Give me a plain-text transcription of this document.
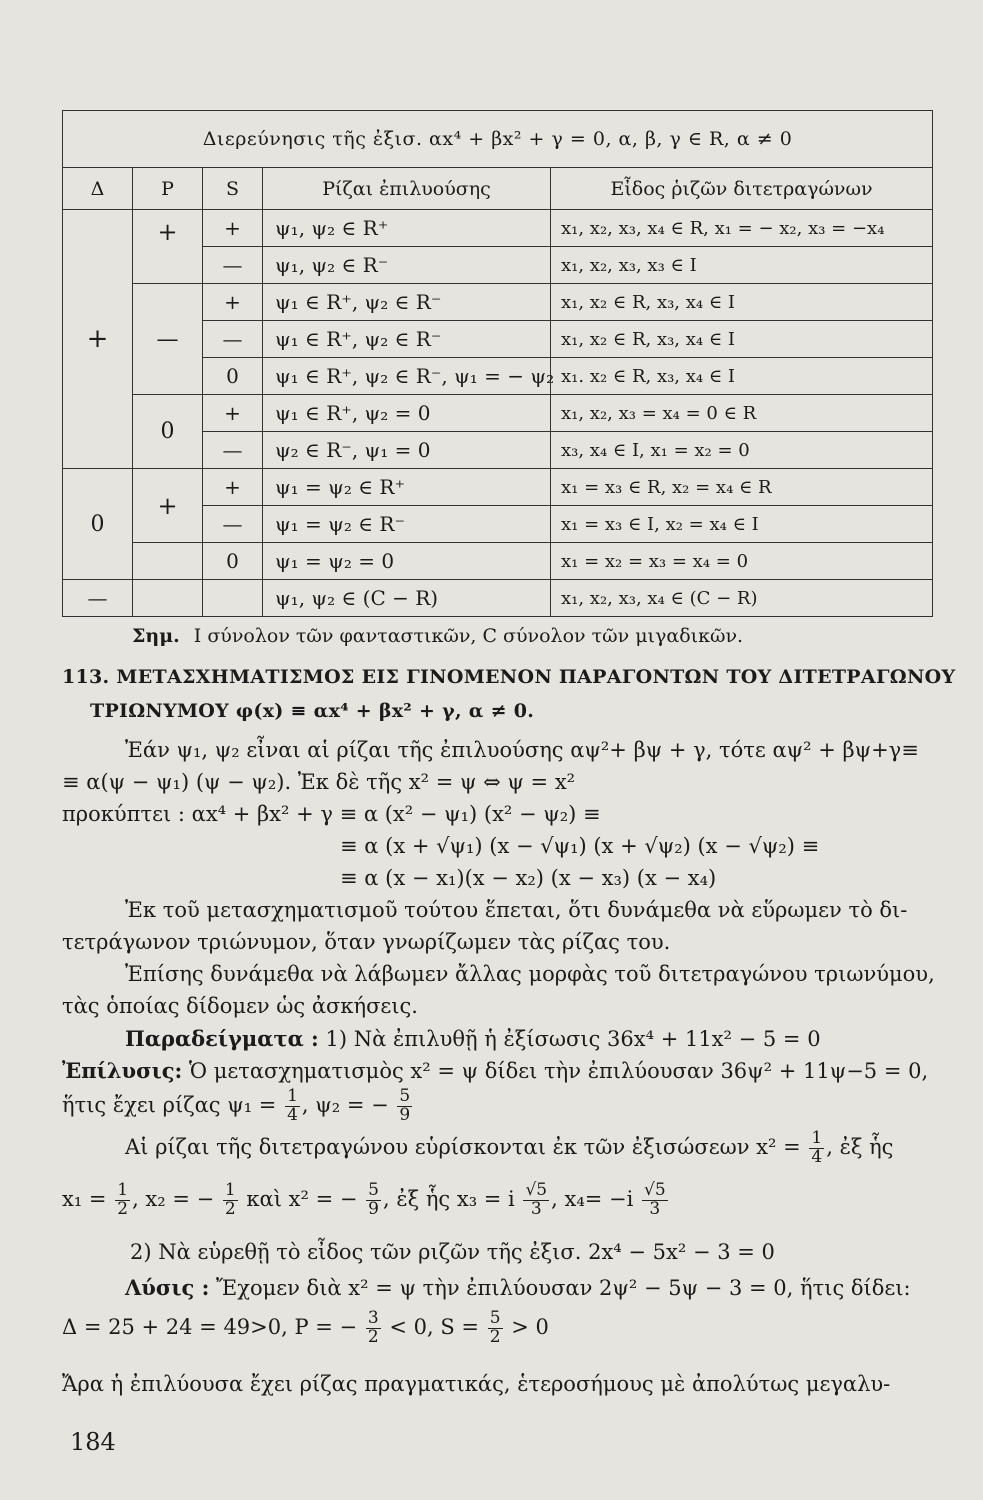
Διερεύνησις τῆς ἐξισ. αx⁴ + βx² + γ = 0, α, β, γ ∈ R, α ≠ 0				
Δ	P	S	Ρίζαι ἐπιλυούσης	Εἶδος ῥιζῶν διτετραγώνων
+	+	+	ψ₁, ψ₂ ∈ R⁺	x₁, x₂, x₃, x₄ ∈ R, x₁ = − x₂, x₃ = −x₄
		—	ψ₁, ψ₂ ∈ R⁻	x₁, x₂, x₃, x₃ ∈ I
	—	+	ψ₁ ∈ R⁺, ψ₂ ∈ R⁻	x₁, x₂ ∈ R, x₃, x₄ ∈ I
		—	ψ₁ ∈ R⁺, ψ₂ ∈ R⁻	x₁, x₂ ∈ R, x₃, x₄ ∈ I
		0	ψ₁ ∈ R⁺, ψ₂ ∈ R⁻, ψ₁ = − ψ₂	x₁. x₂ ∈ R, x₃, x₄ ∈ I
	0	+	ψ₁ ∈ R⁺, ψ₂ = 0	x₁, x₂, x₃ = x₄ = 0 ∈ R
		—	ψ₂ ∈ R⁻, ψ₁ = 0	x₃, x₄ ∈ I, x₁ = x₂ = 0
0	+	+	ψ₁ = ψ₂ ∈ R⁺	x₁ = x₃ ∈ R, x₂ = x₄ ∈ R
		—	ψ₁ = ψ₂ ∈ R⁻	x₁ = x₃ ∈ I, x₂ = x₄ ∈ I
		0	ψ₁ = ψ₂ = 0	x₁ = x₂ = x₃ = x₄ = 0
—			ψ₁, ψ₂ ∈ (C − R)	x₁, x₂, x₃, x₄ ∈ (C − R)
Σημ. I σύνολον τῶν φανταστικῶν, C σύνολον τῶν μιγαδικῶν.
113. ΜΕΤΑΣΧΗΜΑΤΙΣΜΟΣ ΕΙΣ ΓΙΝΟΜΕΝΟΝ ΠΑΡΑΓΟΝΤΩΝ ΤΟΥ ΔΙΤΕΤΡΑΓΩΝΟΥ
ΤΡΙΩΝΥΜΟΥ φ(x) ≡ αx⁴ + βx² + γ, α ≠ 0.
Ἐάν ψ₁, ψ₂ εἶναι αἱ ρίζαι τῆς ἐπιλυούσης αψ²+ βψ + γ, τότε αψ² + βψ+γ≡
≡ α(ψ − ψ₁) (ψ − ψ₂). Ἐκ δὲ τῆς x² = ψ ⇔ ψ = x²
προκύπτει : αx⁴ + βx² + γ ≡ α (x² − ψ₁) (x² − ψ₂) ≡
≡ α (x + √ψ₁) (x − √ψ₁) (x + √ψ₂) (x − √ψ₂) ≡
≡ α (x − x₁)(x − x₂) (x − x₃) (x − x₄)
Ἐκ τοῦ μετασχηματισμοῦ τούτου ἕπεται, ὅτι δυνάμεθα νὰ εὕρωμεν τὸ δι-
τετράγωνον τριώνυμον, ὅταν γνωρίζωμεν τὰς ρίζας του.
Ἐπίσης δυνάμεθα νὰ λάβωμεν ἄλλας μορφὰς τοῦ διτετραγώνου τριωνύμου,
τὰς ὁποίας δίδομεν ὡς ἀσκήσεις.
Παραδείγματα : 1) Νὰ ἐπιλυθῇ ἡ ἐξίσωσις 36x⁴ + 11x² − 5 = 0
Ἐπίλυσις: Ὁ μετασχηματισμὸς x² = ψ δίδει τὴν ἐπιλύουσαν 36ψ² + 11ψ−5 = 0,
ἥτις ἔχει ρίζας $\psi_1 = \frac{1}{4}$ , ψ₂ = − $\frac{5}{9}$
Αἱ ρίζαι τῆς διτετραγώνου εὑρίσκονται ἐκ τῶν ἐξισώσεων $x^2 = \frac{1}{4}$ , ἐξ ἧς
$x_1 = \frac{1}{2}$ , x₂ = − $\frac{1}{2}$ καὶ x² = − $\frac{5}{9}$ , ἐξ ἧς x₃ = i $\frac{√5}{3}$ , $x_4= -i \frac{√5}{3}$
2) Νὰ εὑρεθῇ τὸ εἶδος τῶν ριζῶν τῆς ἐξισ. 2x⁴ − 5x² − 3 = 0
Λύσις : Ἔχομεν διὰ x² = ψ τὴν ἐπιλύουσαν 2ψ² − 5ψ − 3 = 0, ἥτις δίδει:
Δ = 25 + 24 = 49>0, P = − $\frac{3}{2} < 0$, $S = \frac{5}{2} > 0$
Ἄρα ἡ ἐπιλύουσα ἔχει ρίζας πραγματικάς, ἑτεροσήμους μὲ ἀπολύτως μεγαλυ-
184
